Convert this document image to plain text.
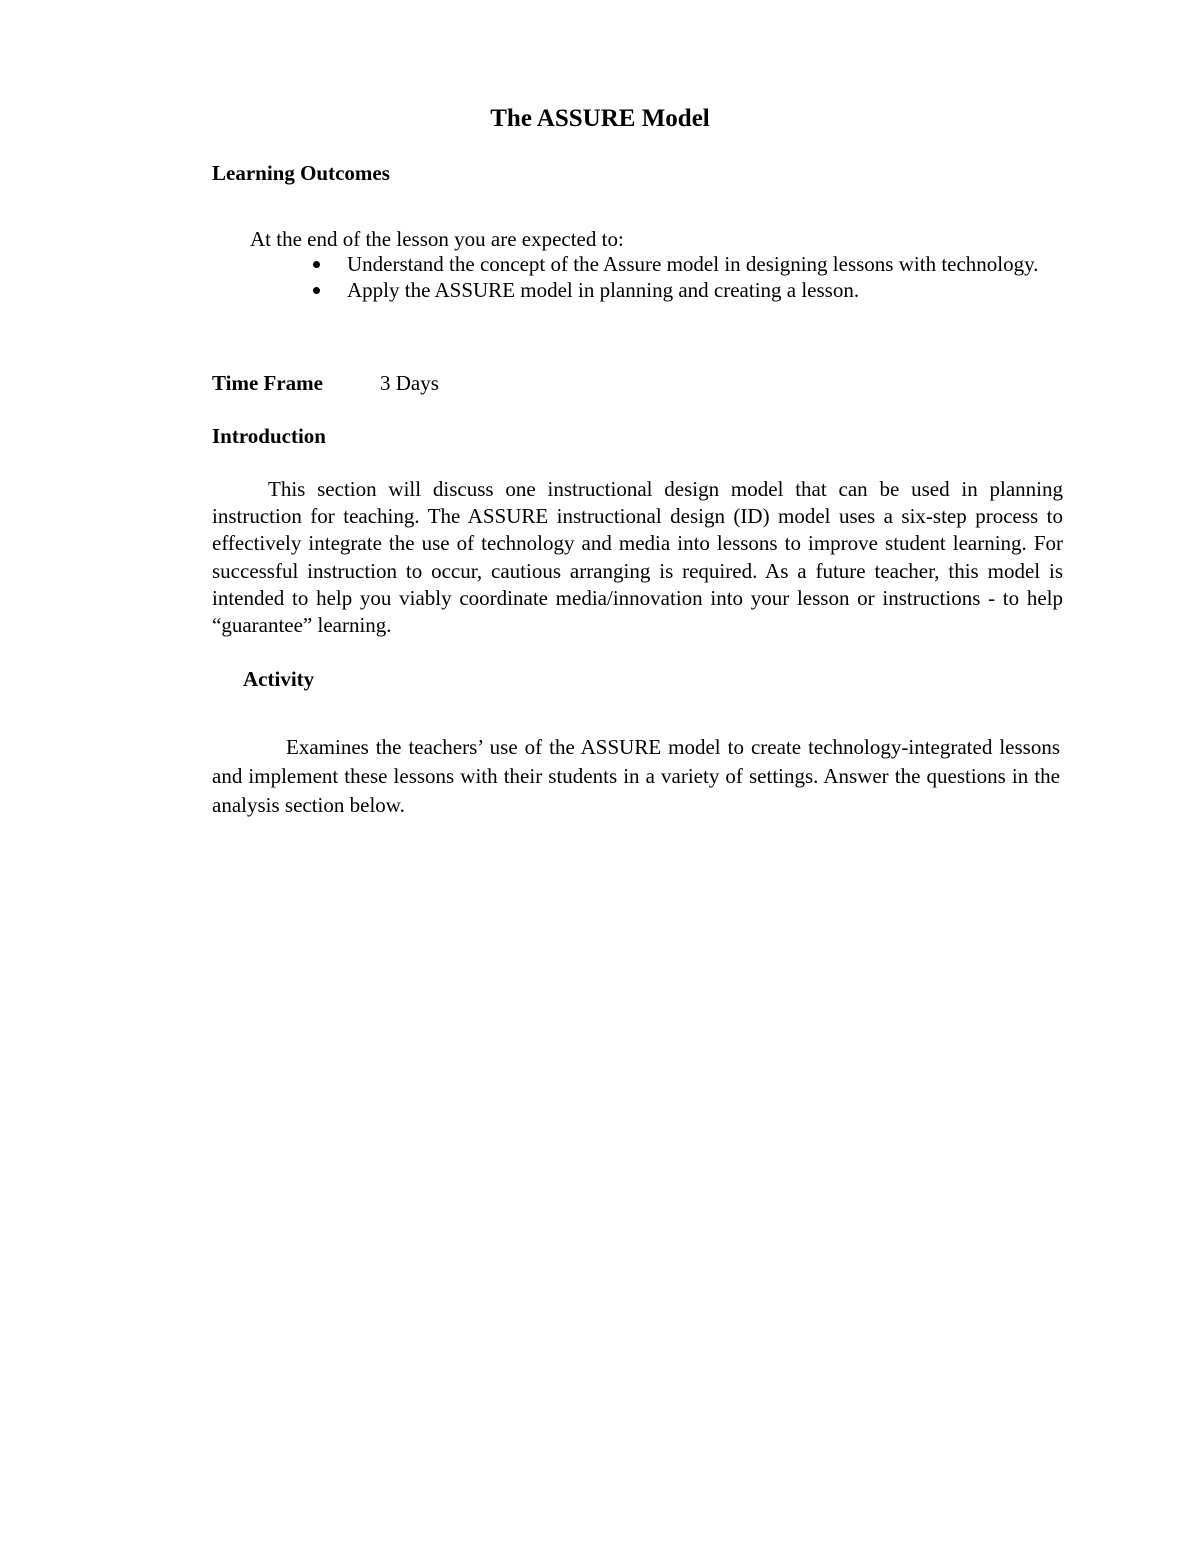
The ASSURE Model
Learning Outcomes
At the end of the lesson you are expected to:
Understand the concept of the Assure model in designing lessons with technology.
Apply the ASSURE model in planning and creating a lesson.
Time Frame	3 Days
Introduction

This section will discuss one instructional design model that can be used in planning instruction for teaching. The ASSURE instructional design (ID) model uses a six-step process to effectively integrate the use of technology and media into lessons to improve student learning. For successful instruction to occur, cautious arranging is required. As a future teacher, this model is intended to help you viably coordinate media/innovation into your lesson or instructions - to help “guarantee” learning.

Activity

Examines the teachers’ use of the ASSURE model to create technology-integrated lessons and implement these lessons with their students in a variety of settings. Answer the questions in the analysis section below.
